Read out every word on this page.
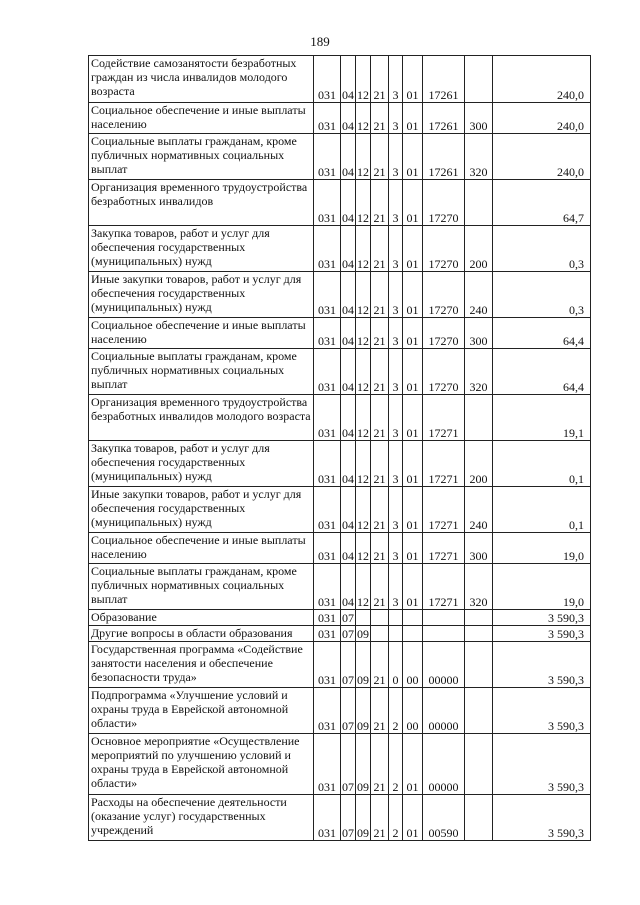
189
Содействие самозанятости безработных граждан из числа инвалидов молодого возраста	031	04	12	21	3	01	17261		240,0
Социальное обеспечение и иные выплаты населению	031	04	12	21	3	01	17261	300	240,0
Социальные выплаты гражданам, кроме публичных нормативных социальных выплат	031	04	12	21	3	01	17261	320	240,0
Организация временного трудоустройства безработных инвалидов	031	04	12	21	3	01	17270		64,7
Закупка товаров, работ и услуг для обеспечения государственных (муниципальных) нужд	031	04	12	21	3	01	17270	200	0,3
Иные закупки товаров, работ и услуг для обеспечения государственных (муниципальных) нужд	031	04	12	21	3	01	17270	240	0,3
Социальное обеспечение и иные выплаты населению	031	04	12	21	3	01	17270	300	64,4
Социальные выплаты гражданам, кроме публичных нормативных социальных выплат	031	04	12	21	3	01	17270	320	64,4
Организация временного трудоустройства безработных инвалидов молодого возраста	031	04	12	21	3	01	17271		19,1
Закупка товаров, работ и услуг для обеспечения государственных (муниципальных) нужд	031	04	12	21	3	01	17271	200	0,1
Иные закупки товаров, работ и услуг для обеспечения государственных (муниципальных) нужд	031	04	12	21	3	01	17271	240	0,1
Социальное обеспечение и иные выплаты населению	031	04	12	21	3	01	17271	300	19,0
Социальные выплаты гражданам, кроме публичных нормативных социальных выплат	031	04	12	21	3	01	17271	320	19,0
Образование	031	07							3 590,3
Другие вопросы в области образования	031	07	09						3 590,3
Государственная программа «Содействие занятости населения и обеспечение безопасности труда»	031	07	09	21	0	00	00000		3 590,3
Подпрограмма «Улучшение условий и охраны труда в Еврейской автономной области»	031	07	09	21	2	00	00000		3 590,3
Основное мероприятие «Осуществление мероприятий по улучшению условий и охраны труда в Еврейской автономной области»	031	07	09	21	2	01	00000		3 590,3
Расходы на обеспечение деятельности (оказание услуг) государственных учреждений	031	07	09	21	2	01	00590		3 590,3
